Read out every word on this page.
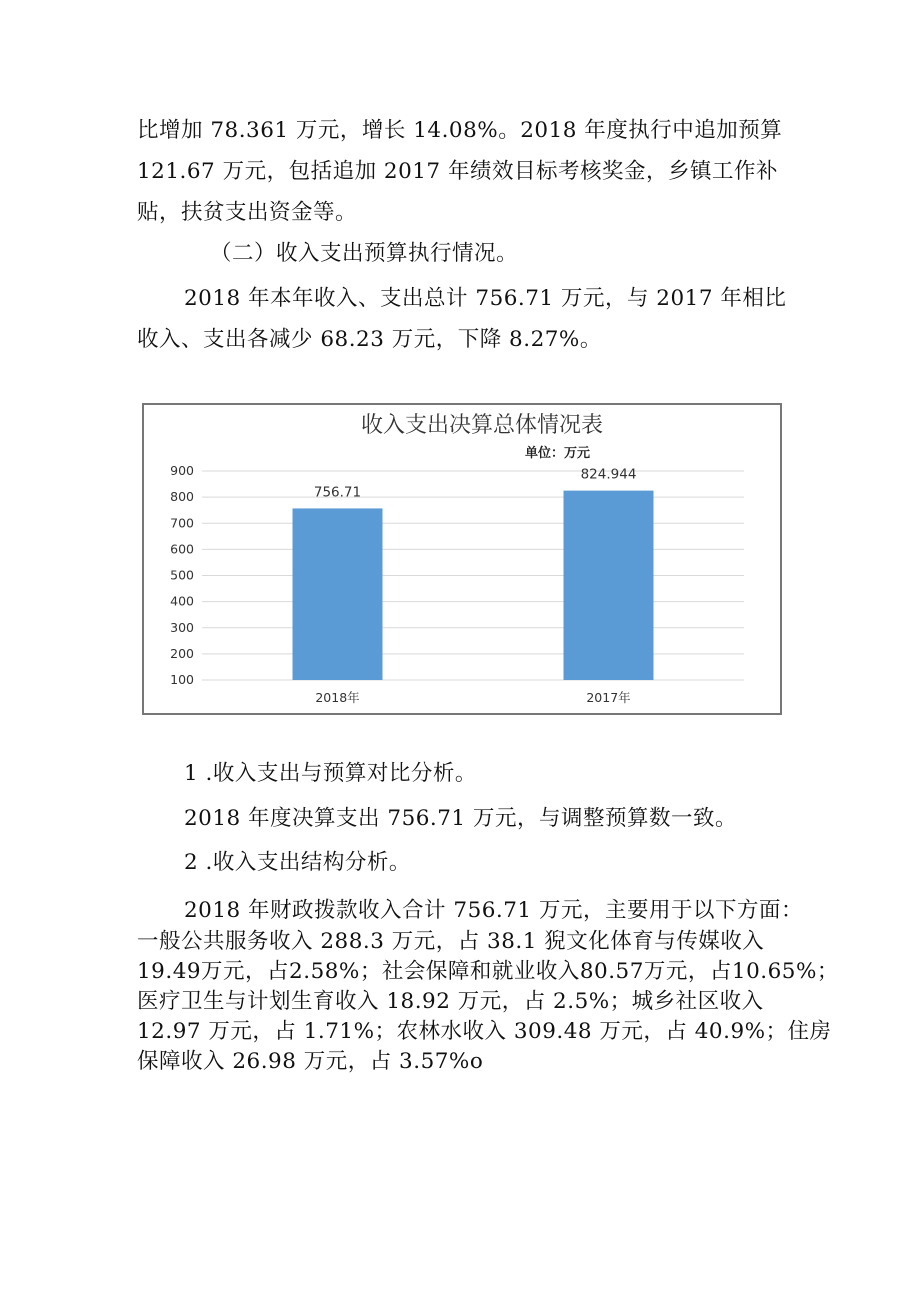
比增加 78.361 万元，增长 14.08%。2018 年度执行中追加预算
121.67 万元，包括追加 2017 年绩效目标考核奖金，乡镇工作补
贴，扶贫支出资金等。
（二）收入支出预算执行情况。
2018 年本年收入、支出总计 756.71 万元，与 2017 年相比
收入、支出各减少 68.23 万元，下降 8.27%。
收入支出决算总体情况表
单位：万元
100
200
300
400
500
600
700
800
900
756.71
2018年
824.944
2017年
1 .收入支出与预算对比分析。
2018 年度决算支出 756.71 万元，与调整预算数一致。
2 .收入支出结构分析。
2018 年财政拨款收入合计 756.71 万元，主要用于以下方面：
一般公共服务收入 288.3 万元，占 38.1 猊文化体育与传媒收入
19.49万元，占2.58%；社会保障和就业收入80.57万元，占10.65%；
医疗卫生与计划生育收入 18.92 万元，占 2.5%；城乡社区收入
12.97 万元，占 1.71%；农林水收入 309.48 万元，占 40.9%；住房
保障收入 26.98 万元，占 3.57%o
